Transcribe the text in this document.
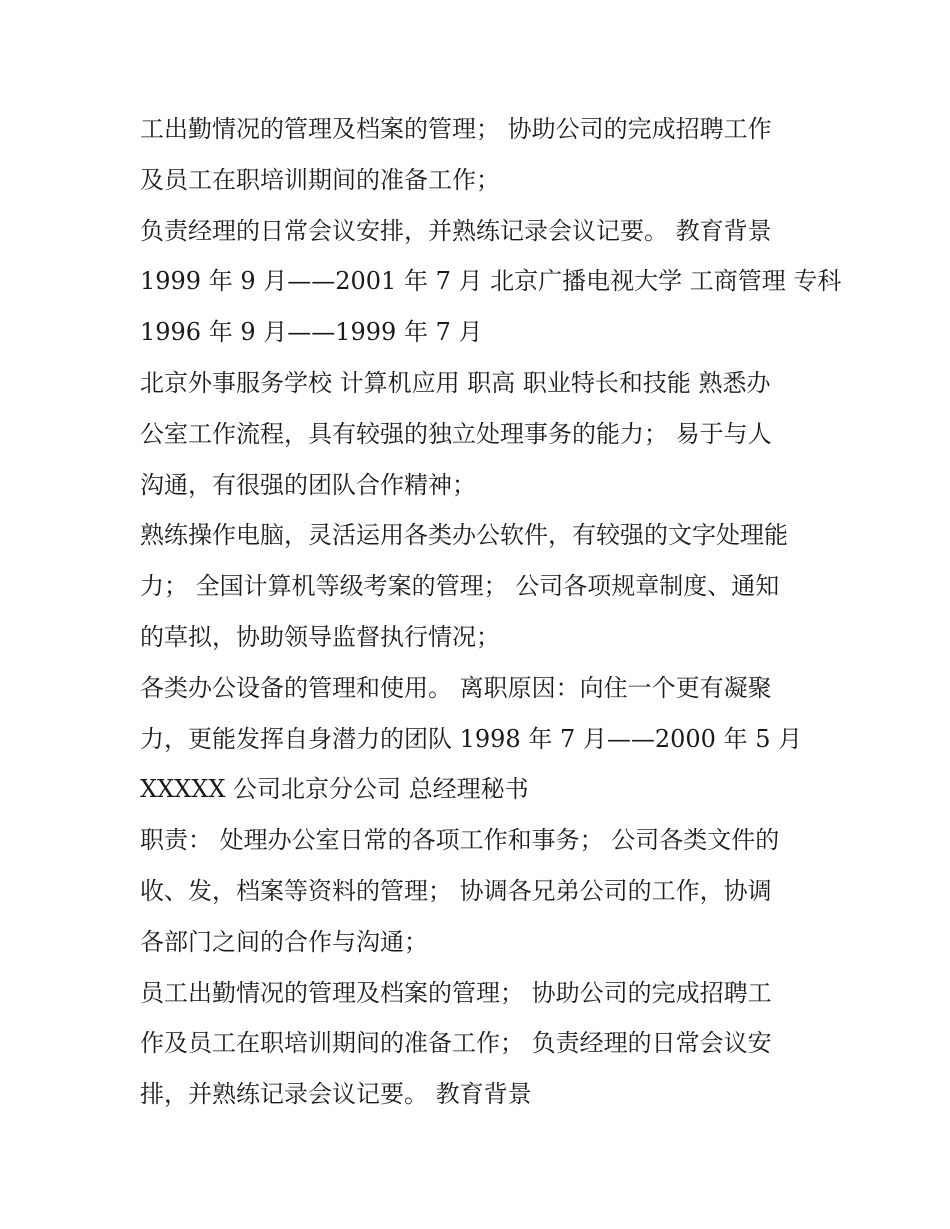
工出勤情况的管理及档案的管理； 协助公司的完成招聘工作
及员工在职培训期间的准备工作；
负责经理的日常会议安排，并熟练记录会议记要。 教育背景
1999 年 9 月——2001 年 7 月 北京广播电视大学 工商管理 专科
1996 年 9 月——1999 年 7 月
北京外事服务学校 计算机应用 职高 职业特长和技能 熟悉办
公室工作流程，具有较强的独立处理事务的能力； 易于与人
沟通，有很强的团队合作精神；
熟练操作电脑，灵活运用各类办公软件，有较强的文字处理能
力； 全国计算机等级考案的管理； 公司各项规章制度、通知
的草拟，协助领导监督执行情况；
各类办公设备的管理和使用。 离职原因：向住一个更有凝聚
力，更能发挥自身潜力的团队 1998 年 7 月——2000 年 5 月
XXXXX 公司北京分公司 总经理秘书
职责： 处理办公室日常的各项工作和事务； 公司各类文件的
收、发，档案等资料的管理； 协调各兄弟公司的工作，协调
各部门之间的合作与沟通；
员工出勤情况的管理及档案的管理； 协助公司的完成招聘工
作及员工在职培训期间的准备工作； 负责经理的日常会议安
排，并熟练记录会议记要。 教育背景
